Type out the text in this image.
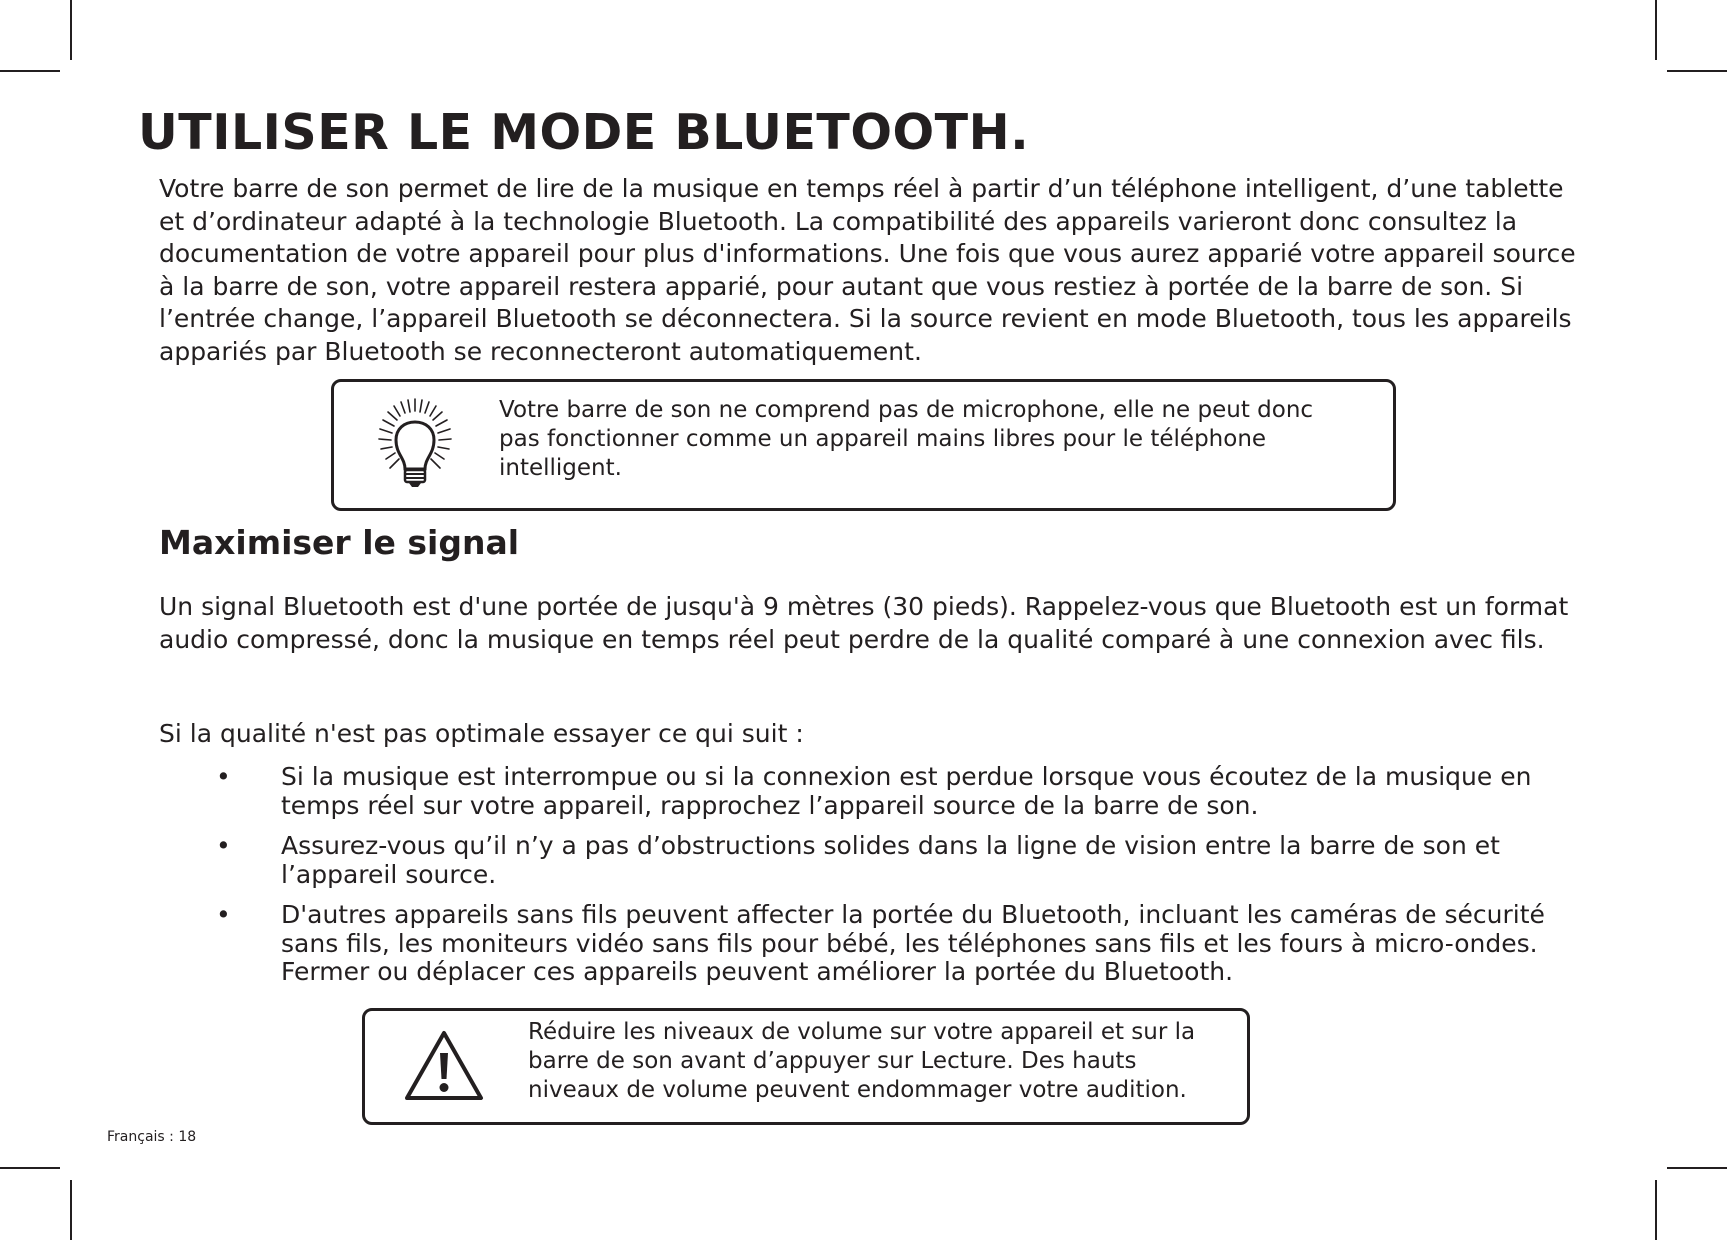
UTILISER LE MODE BLUETOOTH.

Votre barre de son permet de lire de la musique en temps réel à partir d’un téléphone intelligent, d’une tablette et d’ordinateur adapté à la technologie Bluetooth. La compatibilité des appareils varieront donc consultez la documentation de votre appareil pour plus d'informations. Une fois que vous aurez apparié votre appareil source à la barre de son, votre appareil restera apparié, pour autant que vous restiez à portée de la barre de son. Si l’entrée change, l’appareil Bluetooth se déconnectera. Si la source revient en mode Bluetooth, tous les appareils appariés par Bluetooth se reconnecteront automatiquement.

Votre barre de son ne comprend pas de microphone, elle ne peut donc pas fonctionner comme un appareil mains libres pour le téléphone intelligent.

Maximiser le signal

Un signal Bluetooth est d'une portée de jusqu'à 9 mètres (30 pieds). Rappelez-vous que Bluetooth est un format audio compressé, donc la musique en temps réel peut perdre de la qualité comparé à une connexion avec fils.

Si la qualité n'est pas optimale essayer ce qui suit :

• Si la musique est interrompue ou si la connexion est perdue lorsque vous écoutez de la musique en temps réel sur votre appareil, rapprochez l’appareil source de la barre de son.
• Assurez-vous qu’il n’y a pas d’obstructions solides dans la ligne de vision entre la barre de son et l’appareil source.
• D'autres appareils sans fils peuvent affecter la portée du Bluetooth, incluant les caméras de sécurité sans fils, les moniteurs vidéo sans fils pour bébé, les téléphones sans fils et les fours à micro-ondes. Fermer ou déplacer ces appareils peuvent améliorer la portée du Bluetooth.

Réduire les niveaux de volume sur votre appareil et sur la barre de son avant d’appuyer sur Lecture. Des hauts niveaux de volume peuvent endommager votre audition.

Français : 18
